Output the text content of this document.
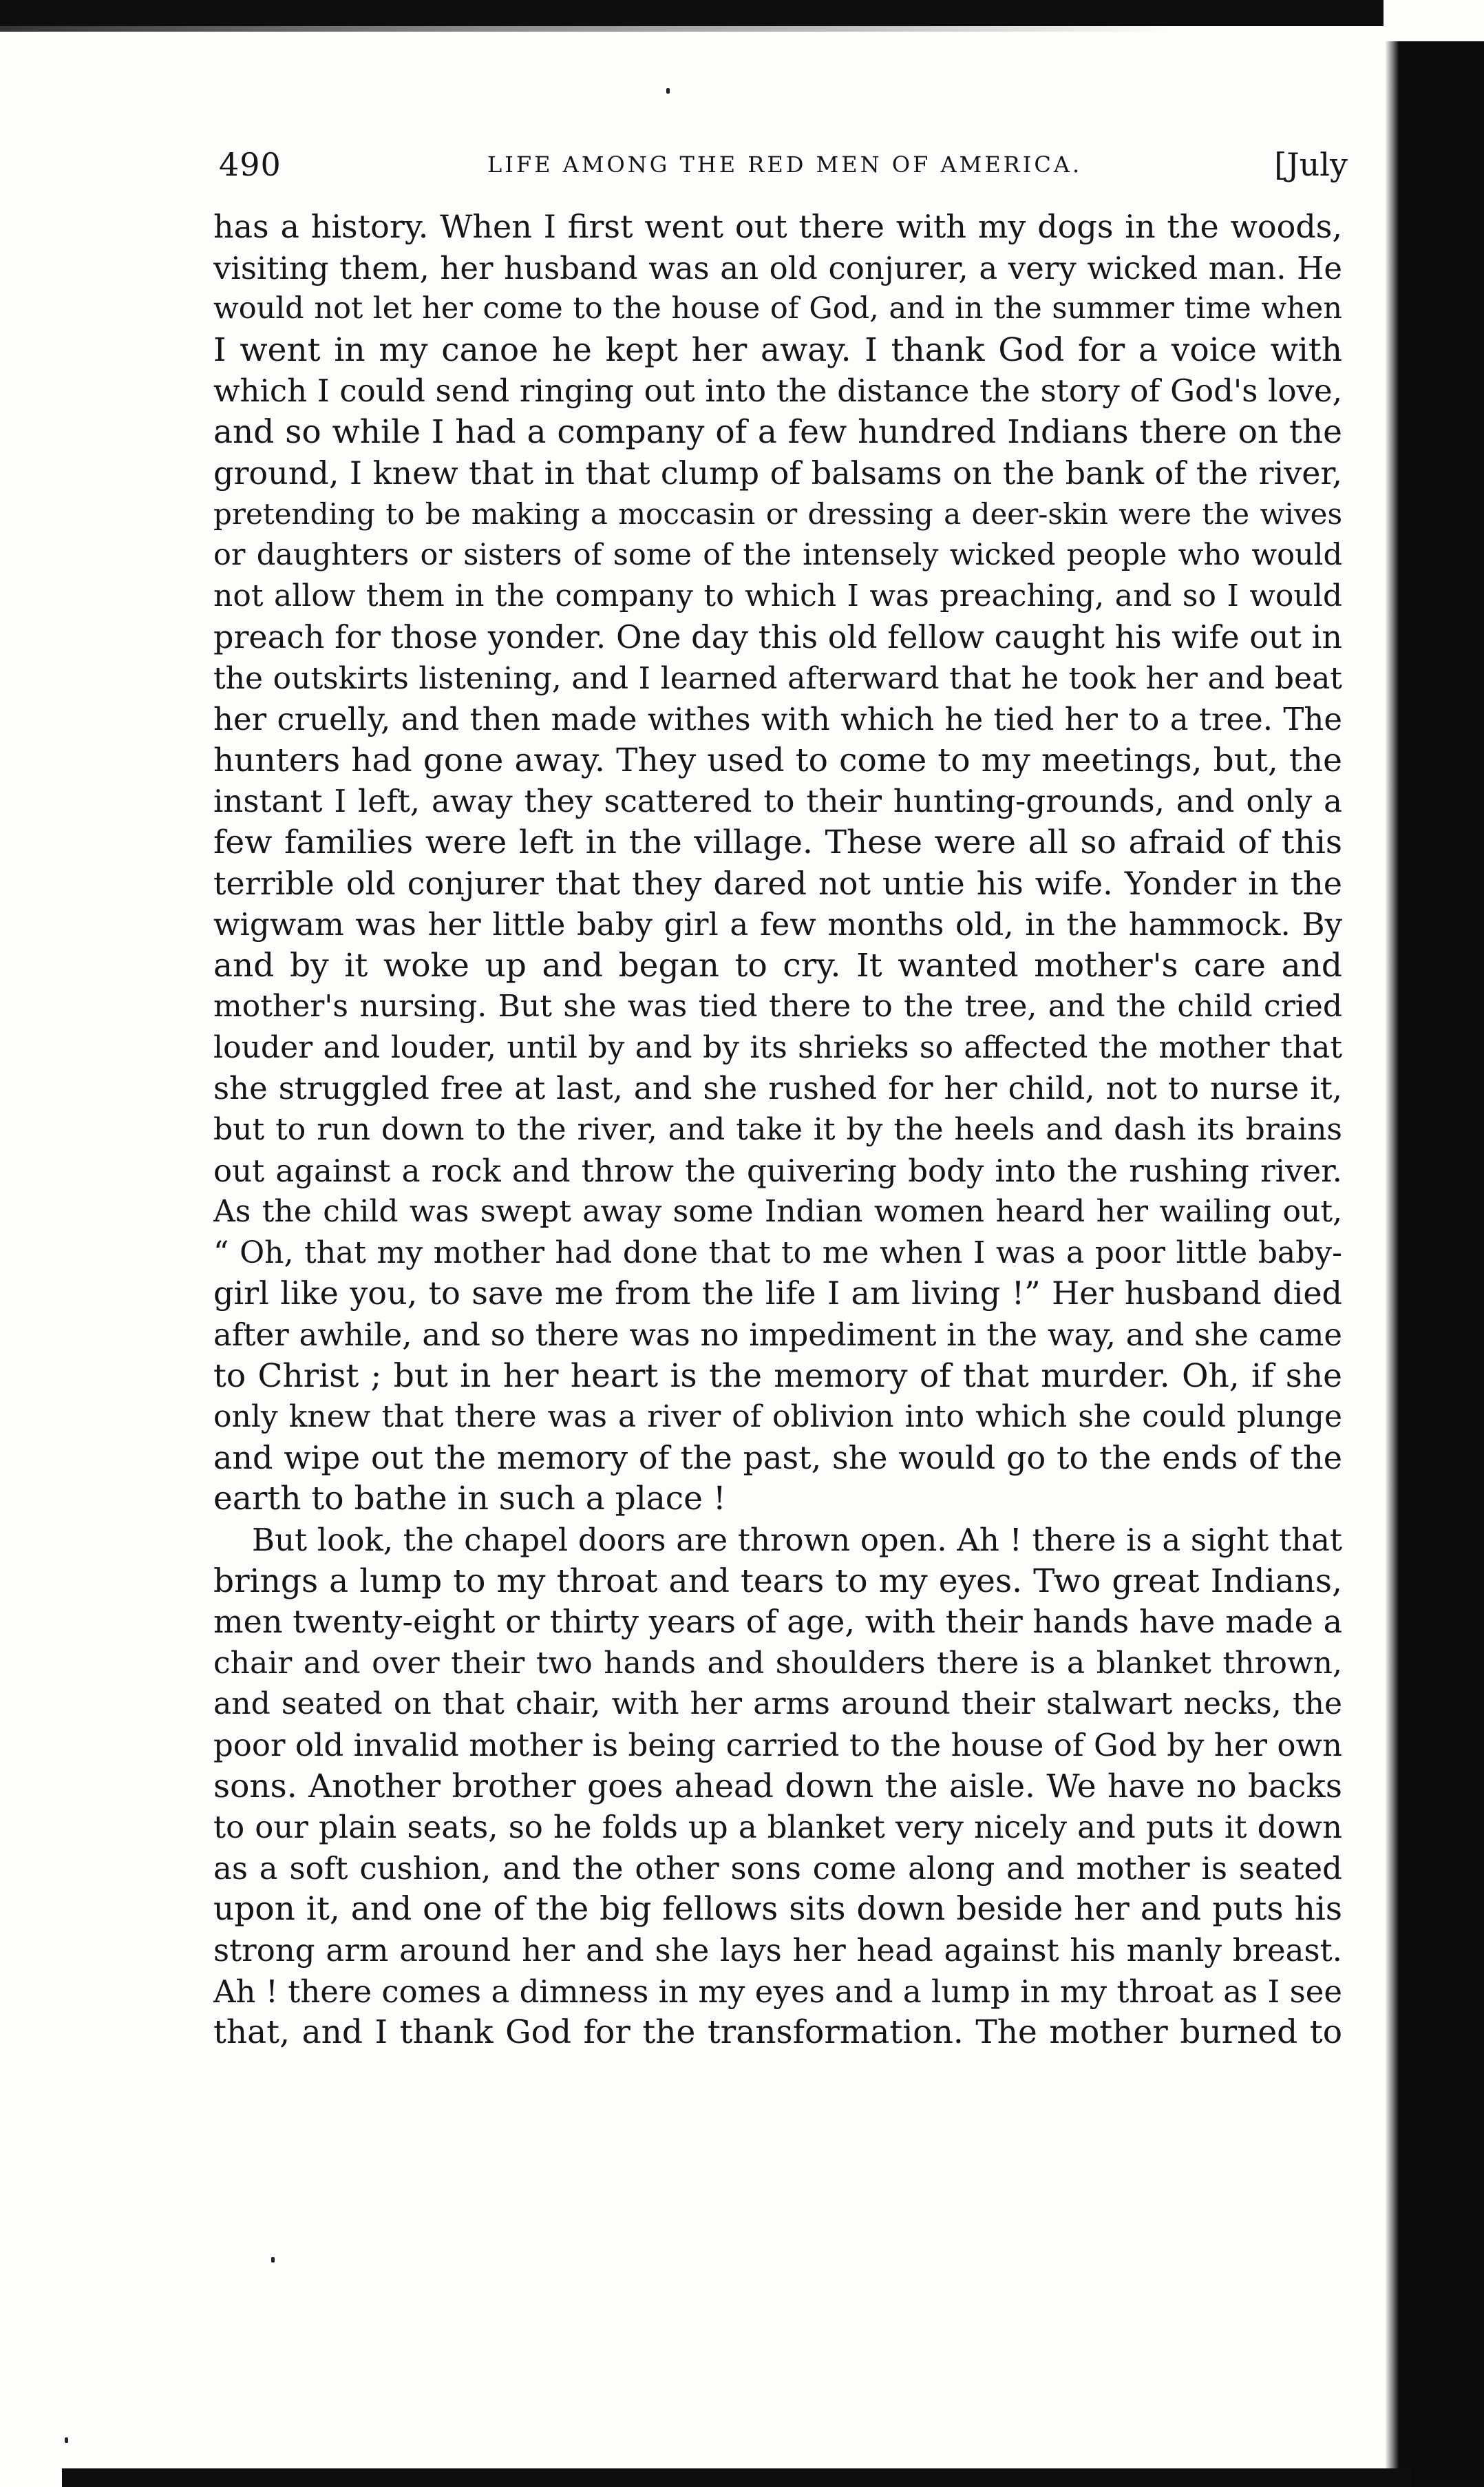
490	LIFE AMONG THE RED MEN OF AMERICA.	[July
has a history. When I first went out there with my dogs in the woods,
visiting them, her husband was an old conjurer, a very wicked man. He
would not let her come to the house of God, and in the summer time when
I went in my canoe he kept her away. I thank God for a voice with
which I could send ringing out into the distance the story of God's love,
and so while I had a company of a few hundred Indians there on the
ground, I knew that in that clump of balsams on the bank of the river,
pretending to be making a moccasin or dressing a deer-skin were the wives
or daughters or sisters of some of the intensely wicked people who would
not allow them in the company to which I was preaching, and so I would
preach for those yonder. One day this old fellow caught his wife out in
the outskirts listening, and I learned afterward that he took her and beat
her cruelly, and then made withes with which he tied her to a tree. The
hunters had gone away. They used to come to my meetings, but, the
instant I left, away they scattered to their hunting-grounds, and only a
few families were left in the village. These were all so afraid of this
terrible old conjurer that they dared not untie his wife. Yonder in the
wigwam was her little baby girl a few months old, in the hammock. By
and by it woke up and began to cry. It wanted mother's care and
mother's nursing. But she was tied there to the tree, and the child cried
louder and louder, until by and by its shrieks so affected the mother that
she struggled free at last, and she rushed for her child, not to nurse it,
but to run down to the river, and take it by the heels and dash its brains
out against a rock and throw the quivering body into the rushing river.
As the child was swept away some Indian women heard her wailing out,
“ Oh, that my mother had done that to me when I was a poor little baby-
girl like you, to save me from the life I am living !” Her husband died
after awhile, and so there was no impediment in the way, and she came
to Christ ; but in her heart is the memory of that murder. Oh, if she
only knew that there was a river of oblivion into which she could plunge
and wipe out the memory of the past, she would go to the ends of the
earth to bathe in such a place !
But look, the chapel doors are thrown open. Ah ! there is a sight that
brings a lump to my throat and tears to my eyes. Two great Indians,
men twenty-eight or thirty years of age, with their hands have made a
chair and over their two hands and shoulders there is a blanket thrown,
and seated on that chair, with her arms around their stalwart necks, the
poor old invalid mother is being carried to the house of God by her own
sons. Another brother goes ahead down the aisle. We have no backs
to our plain seats, so he folds up a blanket very nicely and puts it down
as a soft cushion, and the other sons come along and mother is seated
upon it, and one of the big fellows sits down beside her and puts his
strong arm around her and she lays her head against his manly breast.
Ah ! there comes a dimness in my eyes and a lump in my throat as I see
that, and I thank God for the transformation. The mother burned to
